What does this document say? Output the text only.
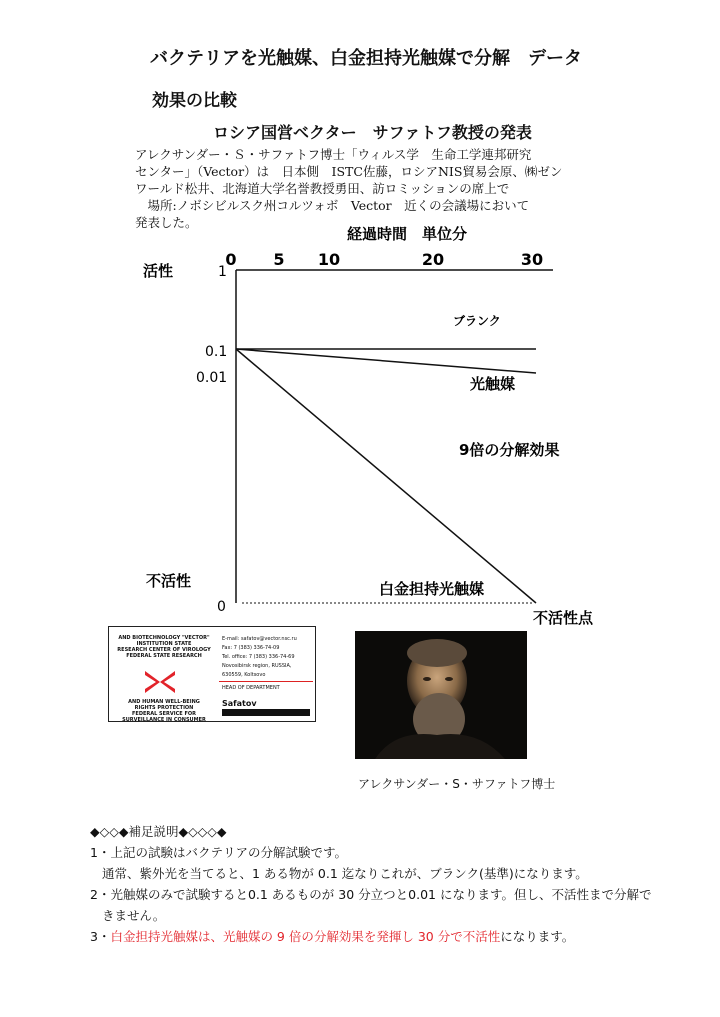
バクテリアを光触媒、白金担持光触媒で分解　データ
効果の比較
ロシア国営ベクター　サファトフ教授の発表
アレクサンダー・Ｓ・サファトフ博士「ウィルス学　生命工学連邦研究
センター」（Vector）は　日本側　ISTC佐藤，ロシアNIS貿易会原、㈱ゼン
ワールド松井、北海道大学名誉教授勇田、訪ロミッションの席上で
　場所:ノボシビルスク州コルツォボ　Vector　近くの会議場において
発表した。
経過時間　単位分
0 5 10	20	30
活性
不活性
1
0.1
0.01
0
ブランク
光触媒
白金担持光触媒
9倍の分解効果
不活性点
AND BIOTECHNOLOGY "VECTOR"
INSTITUTION STATE
RESEARCH CENTER OF VIROLOGY
FEDERAL STATE RESEARCH
AND HUMAN WELL-BEING
RIGHTS PROTECTION
FEDERAL SERVICE FOR
SURVEILLANCE IN CONSUMER
E-mail: safatov@vector.nsc.ru
Fax: 7 (383) 336-74-09
Tel. office: 7 (383) 336-74-69
Novosibirsk region, RUSSIA,
630559, Koltsovo
HEAD OF DEPARTMENT
Safatov
アレクサンダー・S・サファトフ博士
◆◇◇◆補足説明◆◇◇◇◆
1・上記の試験はバクテリアの分解試験です。
通常、紫外光を当てると、1 ある物が 0.1 迄なりこれが、ブランク(基準)になります。
2・光触媒のみで試験すると0.1 あるものが 30 分立つと0.01 になります。但し、不活性まで分解で
きません。
3・白金担持光触媒は、光触媒の 9 倍の分解効果を発揮し 30 分で不活性になります。
